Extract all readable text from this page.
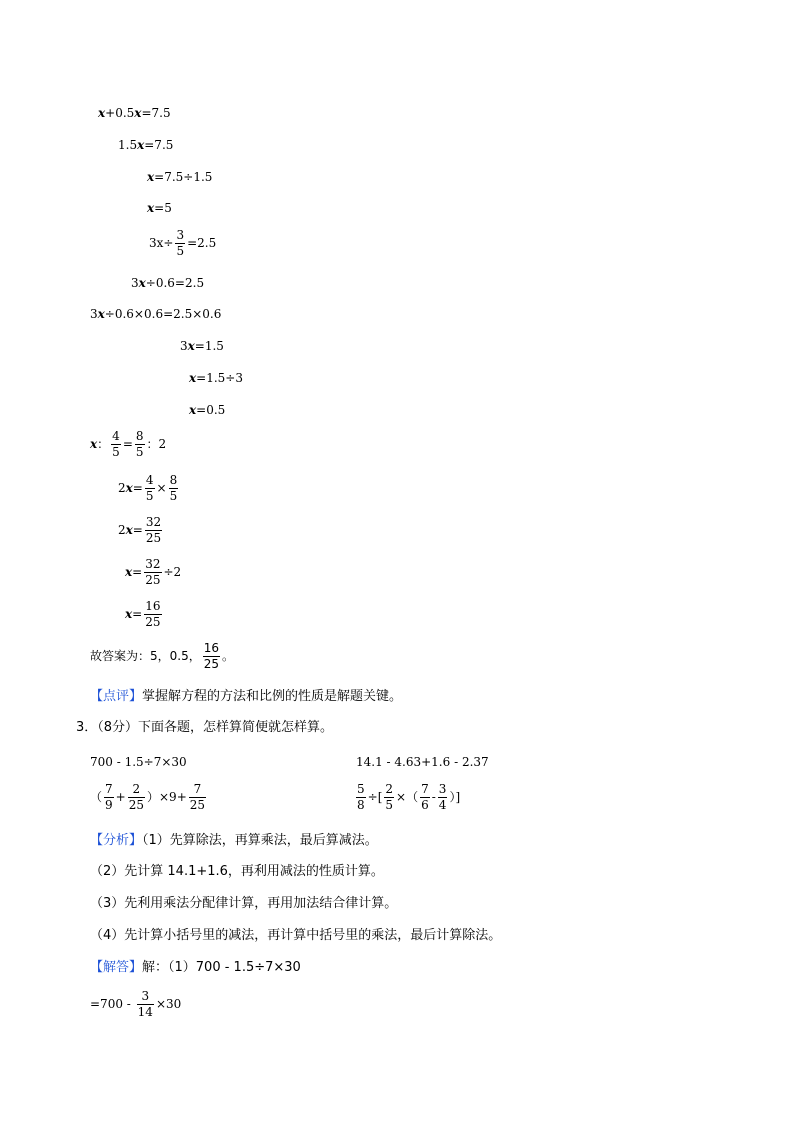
x+0.5x=7.5
1.5x=7.5
x=7.5÷1.5
x=5
$3x\div \frac{3}{5} =2.5$
3x÷0.6=2.5
3x÷0.6×0.6=2.5×0.6
3x=1.5
x=1.5÷3
x=0.5
x： $\frac{4}{5} = \frac{8}{5}$ ：2
$2x= \frac{4}{5} \times \frac{8}{5}$
$2x= \frac{32}{25}$
$x= \frac{32}{25} \div 2$
$x= \frac{16}{25}$
故答案为：5，0.5， $\frac{16}{25}$ 。
【点评】掌握解方程的方法和比例的性质是解题关键。
3．（8分）下面各题，怎样算简便就怎样算。
700 - 1.5÷7×30	14.1 - 4.63+1.6 - 2.37
（ $\frac{7}{9} + \frac{2}{25} )\times 9+ \frac{7}{25}$	$\frac{5}{8}$ ÷[ $\frac{2}{5}$ ×（ $\frac{7}{6} - \frac{3}{4}$ ）]
【分析】（1）先算除法，再算乘法，最后算减法。
（2）先计算 14.1+1.6，再利用减法的性质计算。
（3）先利用乘法分配律计算，再用加法结合律计算。
（4）先计算小括号里的减法，再计算中括号里的乘法，最后计算除法。
【解答】解：（1）700 - 1.5÷7×30
$=700 - \frac{3}{14} \times 30$
